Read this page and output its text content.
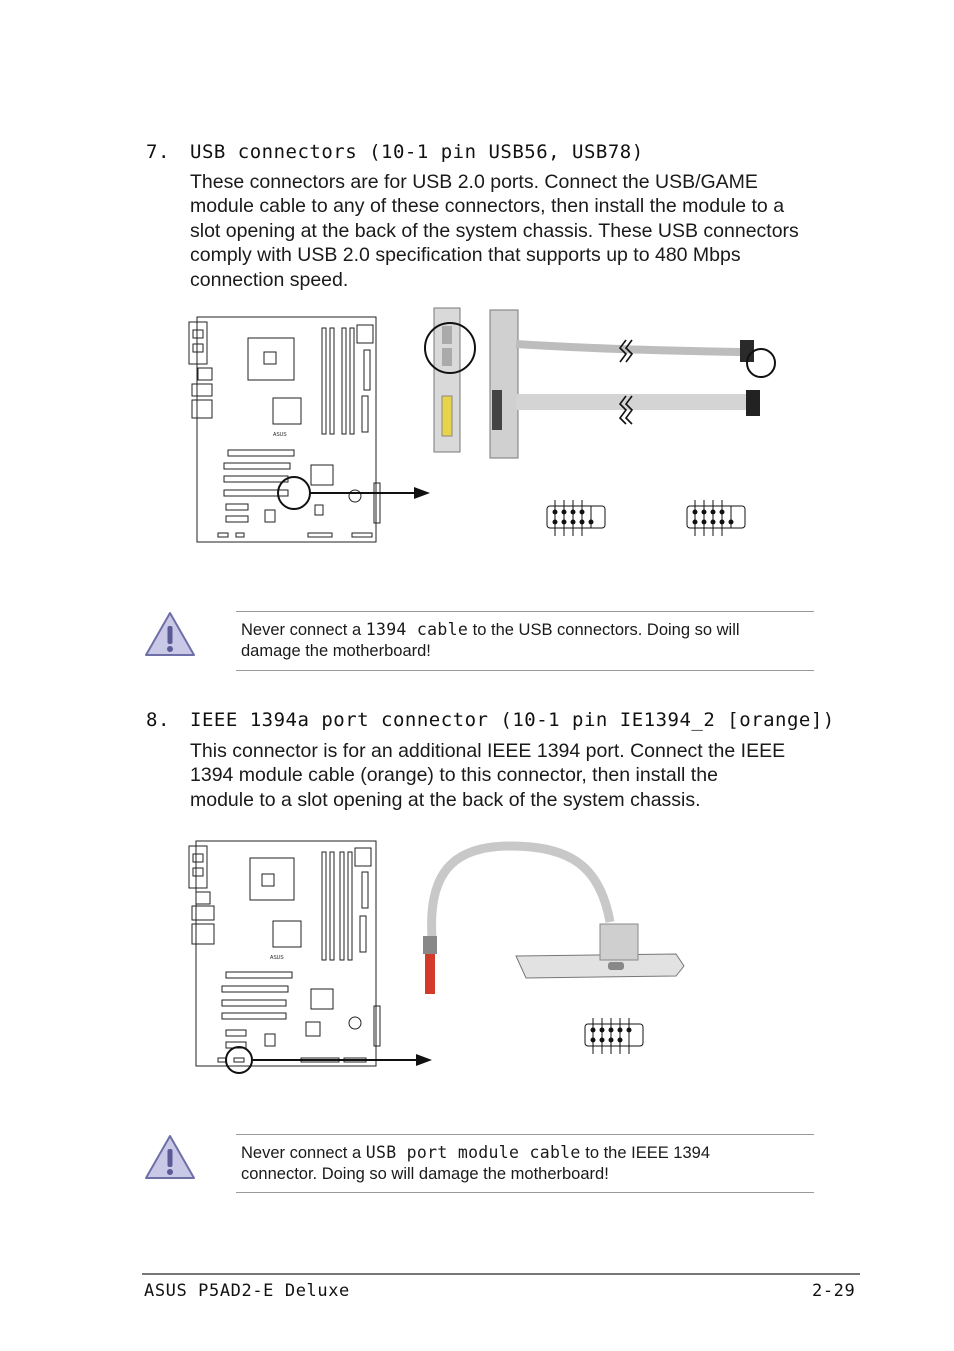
7. USB connectors (10-1 pin USB56, USB78)

These connectors are for USB 2.0 ports. Connect the USB/GAME

module cable to any of these connectors, then install the module to a

slot opening at the back of the system chassis. These USB connectors

comply with USB 2.0 specification that supports up to 480 Mbps

connection speed.

ASUS

Never connect a 1394 cable to the USB connectors. Doing so will

damage the motherboard!

8. IEEE 1394a port connector (10-1 pin IE1394_2 [orange])

This connector is for an additional IEEE 1394 port. Connect the IEEE

1394 module cable (orange) to this connector, then install the

module to a slot opening at the back of the system chassis.

ASUS

Never connect a USB port module cable to the IEEE 1394

connector. Doing so will damage the motherboard!

ASUS P5AD2-E Deluxe	2-29
